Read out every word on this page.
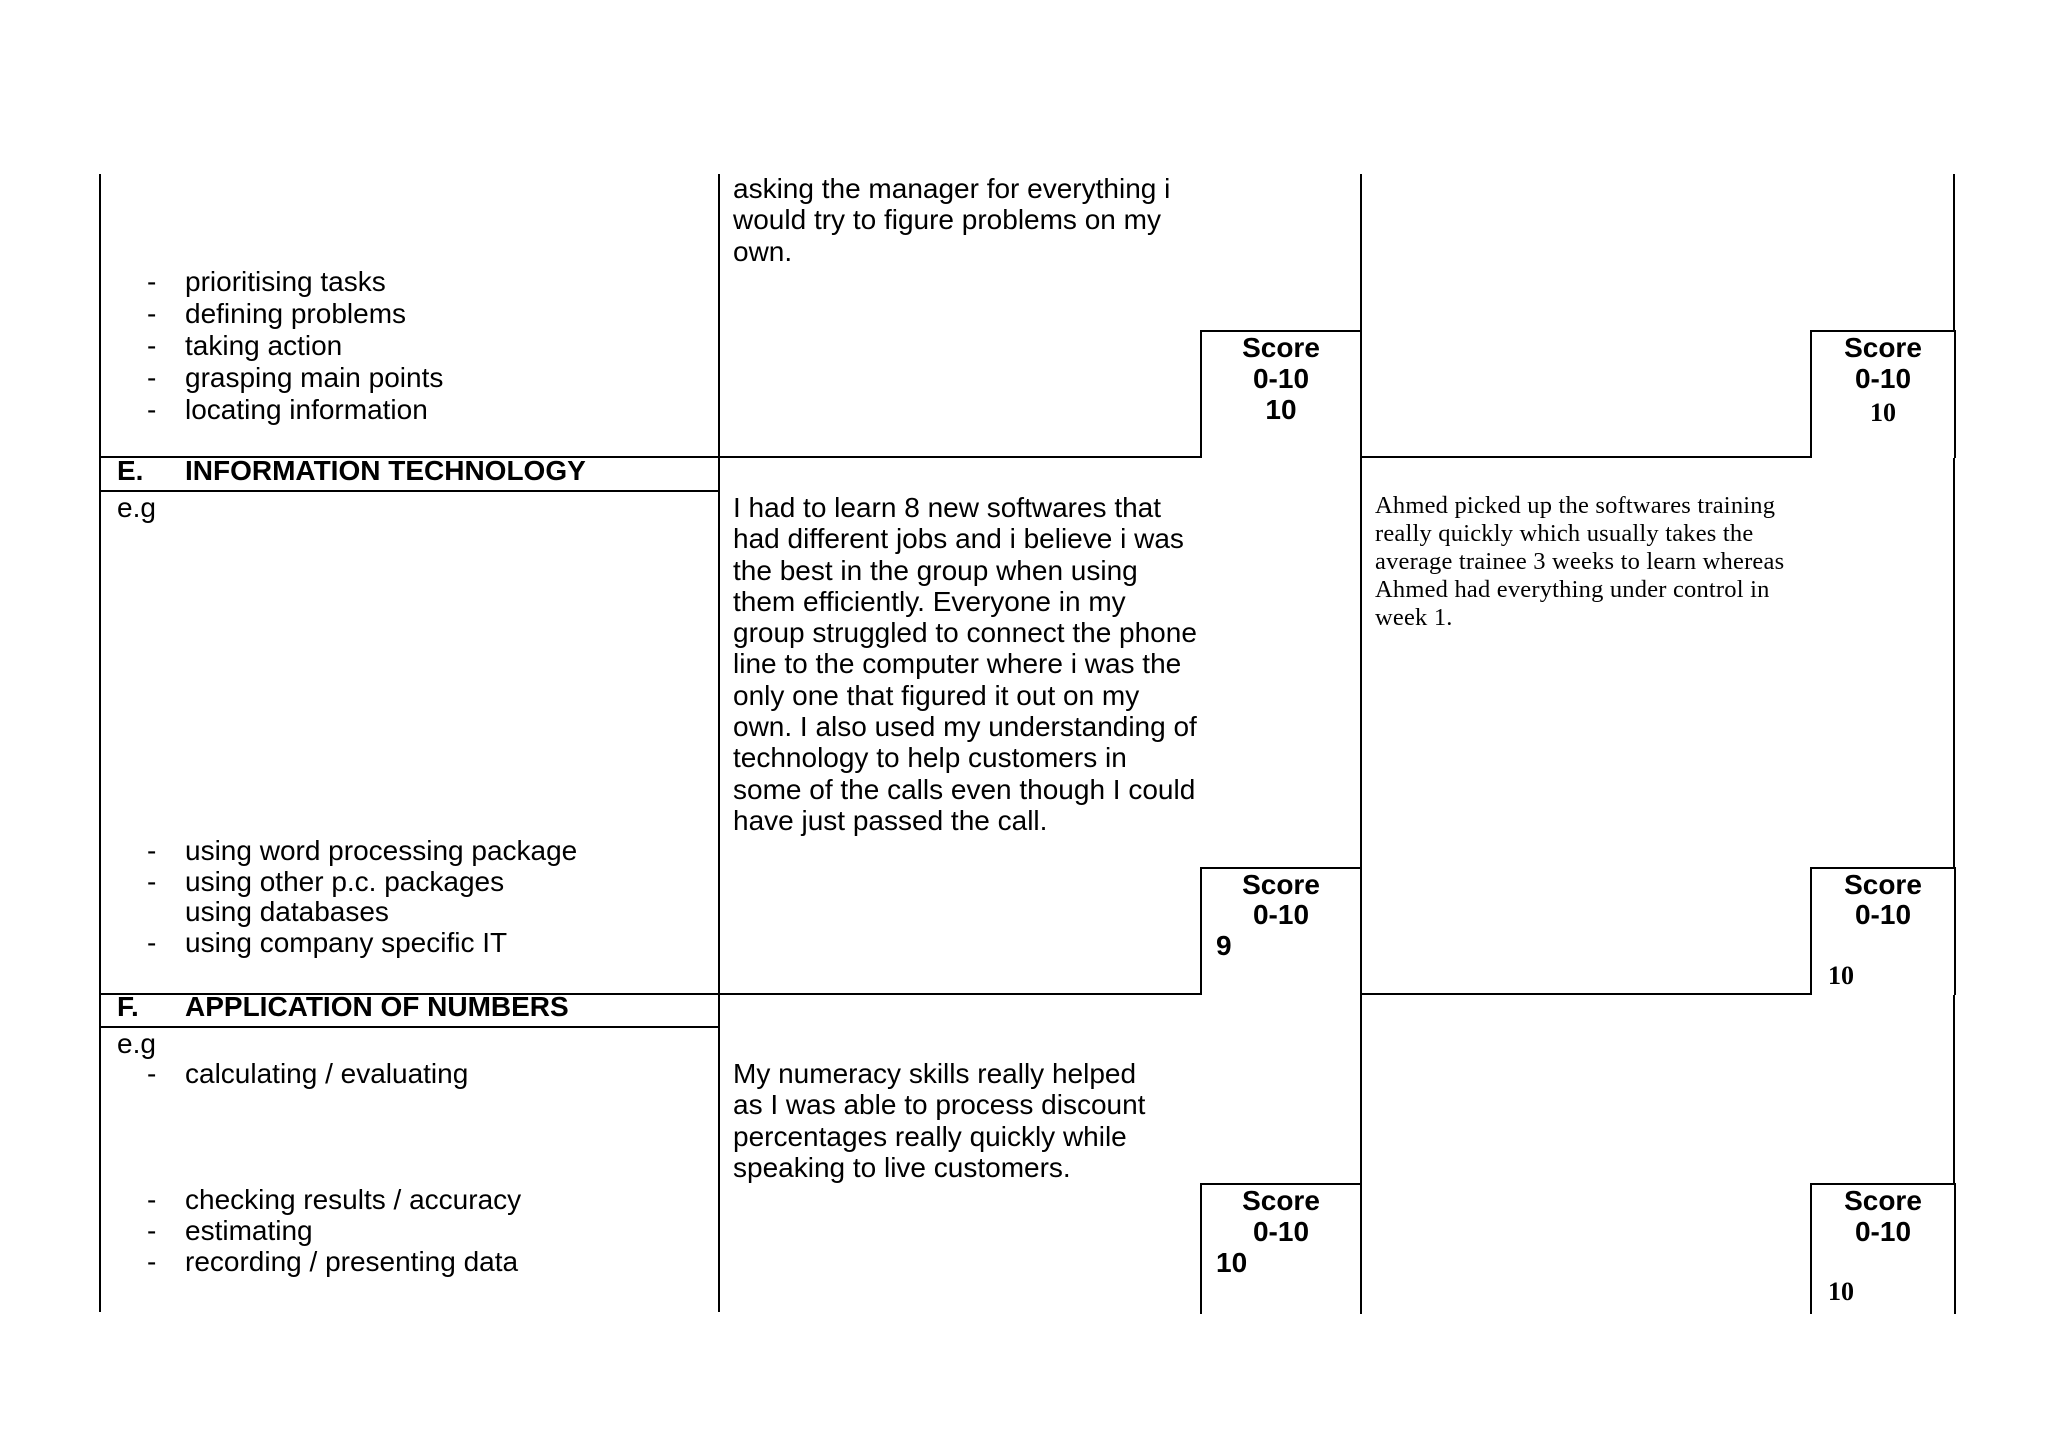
- prioritising tasks
- defining problems
- taking action
- grasping main points
- locating information
asking the manager for everything i would try to figure problems on my own.
Score
0-10
10
Score
0-10
10
E. INFORMATION TECHNOLOGY
e.g
- using word processing package
- using other p.c. packages
using databases
- using company specific IT
I had to learn 8 new softwares that had different jobs and i believe i was the best in the group when using them efficiently. Everyone in my group struggled to connect the phone line to the computer where i was the only one that figured it out on my own. I also used my understanding of technology to help customers in some of the calls even though I could have just passed the call.
Ahmed picked up the softwares training really quickly which usually takes the average trainee 3 weeks to learn whereas Ahmed had everything under control in week 1.
Score
0-10
9
Score
0-10
10
F. APPLICATION OF NUMBERS
e.g
- calculating / evaluating
- checking results / accuracy
- estimating
- recording / presenting data
My numeracy skills really helped as I was able to process discount percentages really quickly while speaking to live customers.
Score
0-10
10
Score
0-10
10
